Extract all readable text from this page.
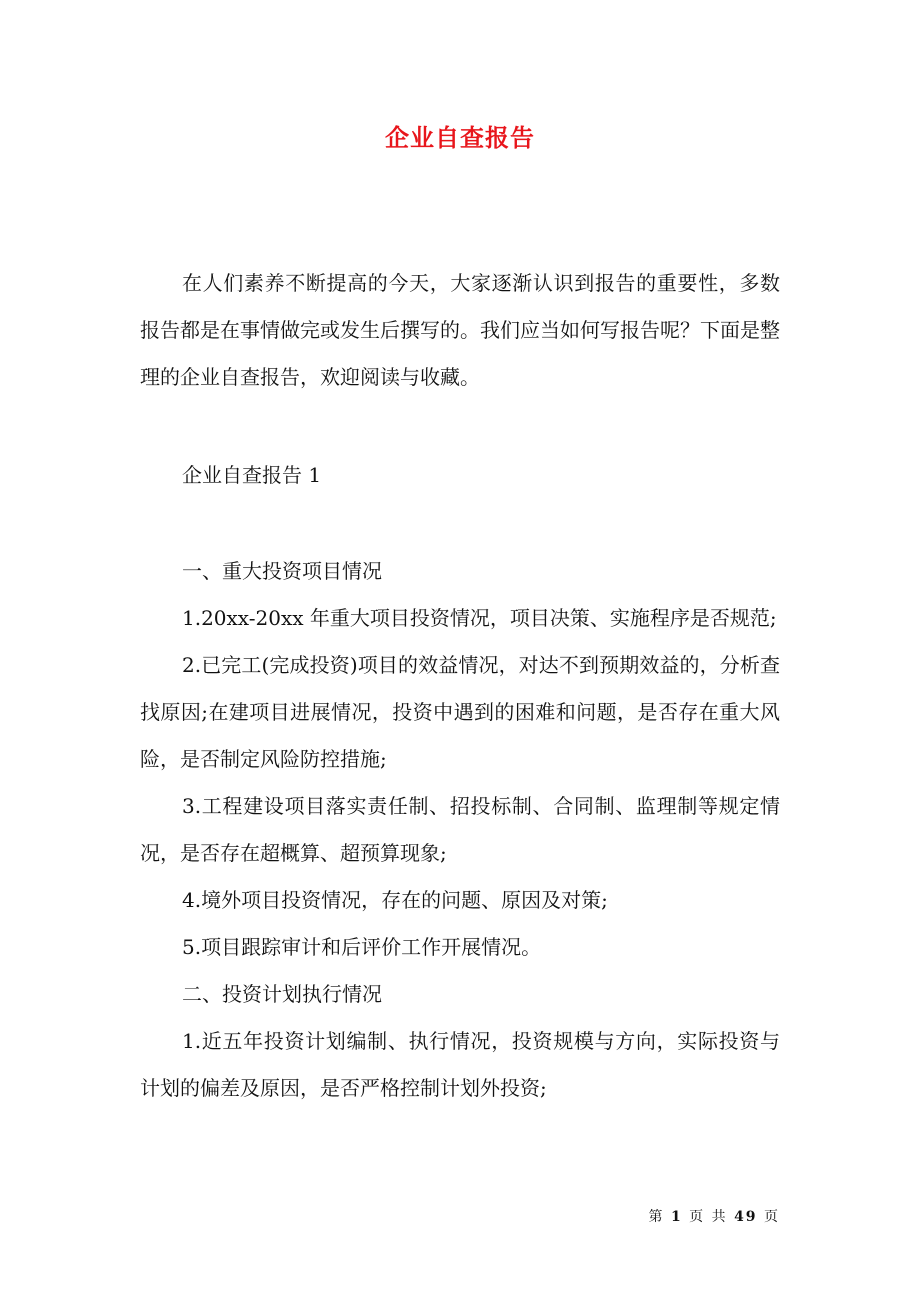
企业自查报告

在人们素养不断提高的今天，大家逐渐认识到报告的重要性，多数报告都是在事情做完或发生后撰写的。我们应当如何写报告呢？下面是整理的企业自查报告，欢迎阅读与收藏。

企业自查报告 1

一、重大投资项目情况

1.20xx-20xx 年重大项目投资情况，项目决策、实施程序是否规范;

2.已完工(完成投资)项目的效益情况，对达不到预期效益的，分析查找原因;在建项目进展情况，投资中遇到的困难和问题，是否存在重大风险，是否制定风险防控措施;

3.工程建设项目落实责任制、招投标制、合同制、监理制等规定情况，是否存在超概算、超预算现象;

4.境外项目投资情况，存在的问题、原因及对策;

5.项目跟踪审计和后评价工作开展情况。

二、投资计划执行情况

1.近五年投资计划编制、执行情况，投资规模与方向，实际投资与计划的偏差及原因，是否严格控制计划外投资;

第 1 页 共 49 页
